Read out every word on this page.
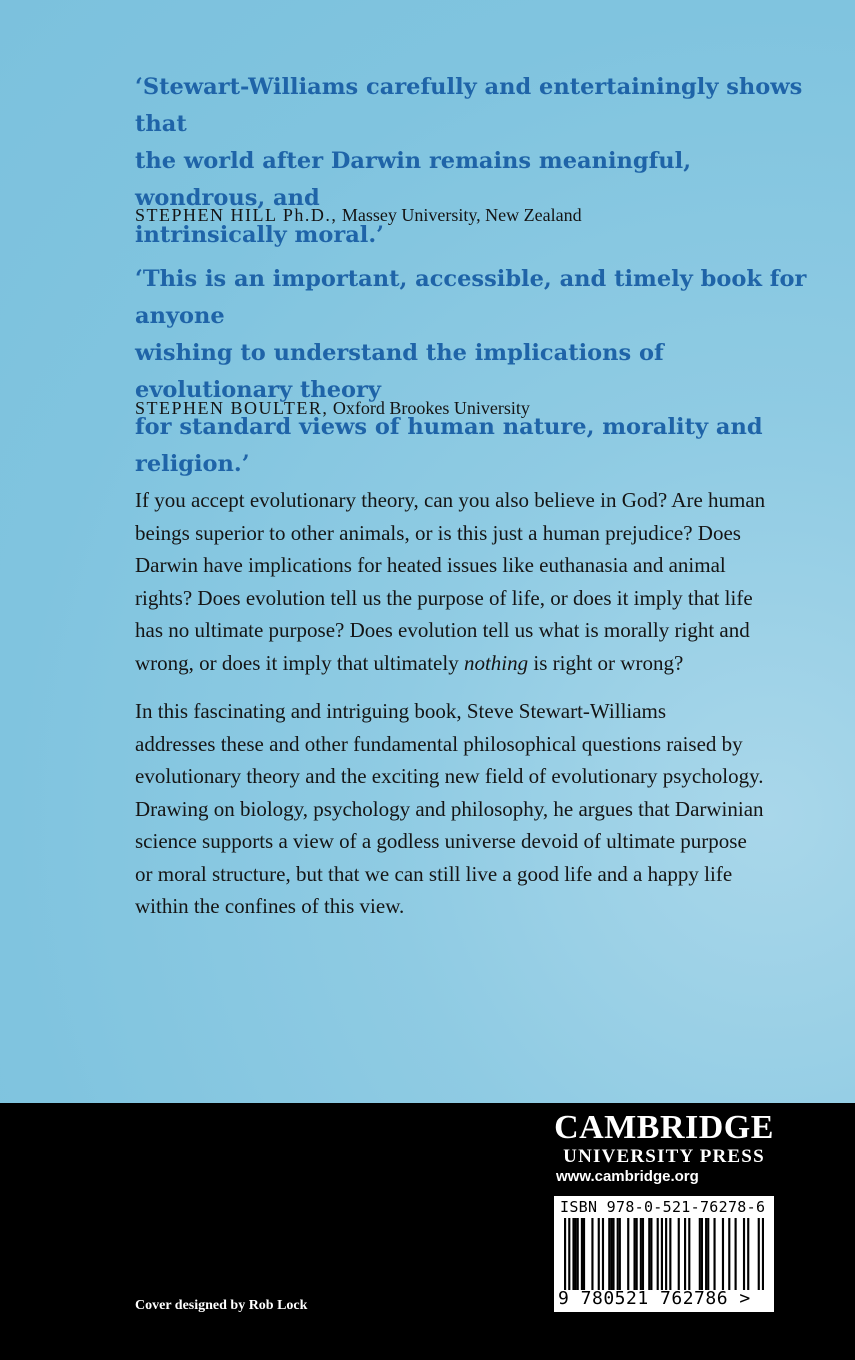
‘Stewart-Williams carefully and entertainingly shows that
the world after Darwin remains meaningful, wondrous, and
intrinsically moral.’

STEPHEN HILL Ph.D., Massey University, New Zealand

‘This is an important, accessible, and timely book for anyone
wishing to understand the implications of evolutionary theory
for standard views of human nature, morality and religion.’

STEPHEN BOULTER, Oxford Brookes University

If you accept evolutionary theory, can you also believe in God? Are human
beings superior to other animals, or is this just a human prejudice? Does
Darwin have implications for heated issues like euthanasia and animal
rights? Does evolution tell us the purpose of life, or does it imply that life
has no ultimate purpose? Does evolution tell us what is morally right and
wrong, or does it imply that ultimately nothing is right or wrong?

In this fascinating and intriguing book, Steve Stewart-Williams
addresses these and other fundamental philosophical questions raised by
evolutionary theory and the exciting new field of evolutionary psychology.
Drawing on biology, psychology and philosophy, he argues that Darwinian
science supports a view of a godless universe devoid of ultimate purpose
or moral structure, but that we can still live a good life and a happy life
within the confines of this view.

CAMBRIDGE
UNIVERSITY PRESS
www.cambridge.org
ISBN 978-0-521-76278-6
9 780521 762786 >
Cover designed by Rob Lock
